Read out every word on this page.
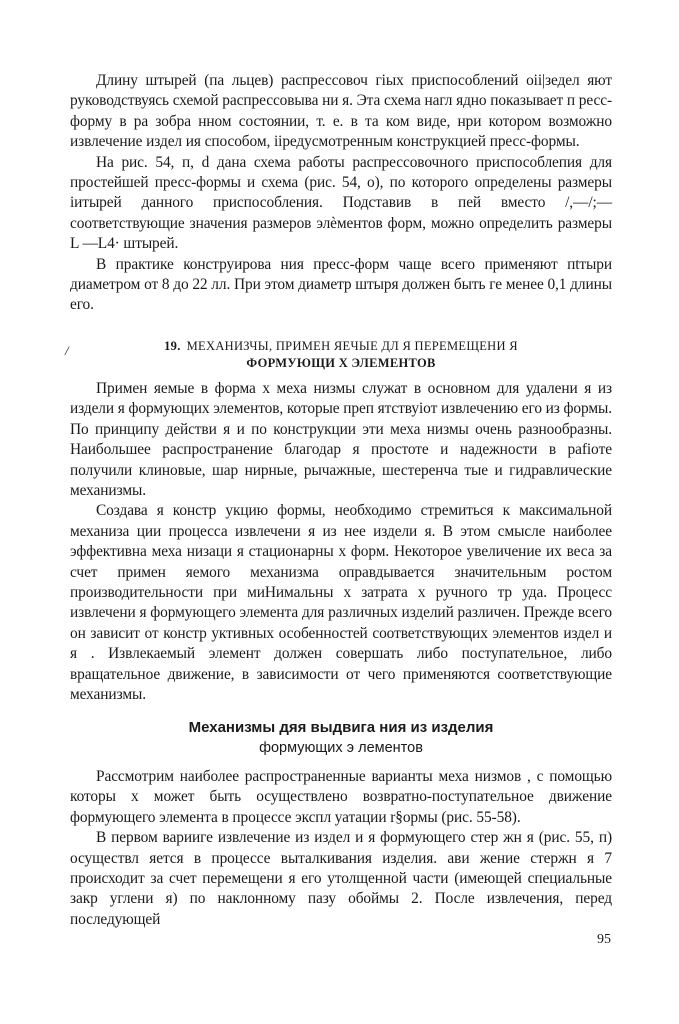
Длину штырей (па льцев) распрессовоч гiых приспособлений оii|зедел яют руководствуясь схемой распрессовыва ни я. Эта схема нагл ядно показывает п ресс-форму в ра зобра нном состоянии, т. е. в та ком виде, нри котором возможно извлечение издел ия способом, iiредусмотренным конструкцией пресс-формы.

На рис. 54, п, d дана схема работы распрессовочного приспособлепия для простейшей пресс-формы и схема (рис. 54, о), по которого определены размеры iитырей данного приспособления. Подставив в пей вместо /,—/;—соответствующие значения размеров элèментов форм, можно определить размеры L —L4· штырей.

В практике конструирова ния пресс-форм чаще всего применяют пtтыри диаметром от 8 до 22 лл. При этом диаметр штыря должен быть ге менее 0,1 длины его.

/	19. МЕХАНИЗЧЫ, ПРИМЕН ЯЕЧЫЕ ДЛ Я ПЕРЕМЕЩЕНИ Я
ФОРМУЮЩИ Х ЭЛЕМЕНТОВ

Примен яемые в форма х меха низмы служат в основном для удалени я из издели я формующих элементов, которые преп ятствуiот извлечению его из формы. По принципу действи я и по конструкции эти меха низмы очень разнообразны. Наибольшее распространение благодар я простоте и надежности в раfioте получили клиновые, шар нирные, рычажные, шестеренча тые и гидравлические механизмы.

Создава я констр укцию формы, необходимо стремиться к максимальной механиза ции процесса извлечени я из нее издели я. В этом смысле наиболее эффективна меха низаци я стационарны х форм. Некоторое увеличение их веса за счет примен яемого механизма оправдывается значительным ростом производительности при миНимальны х затрата х ручного тр уда. Процесс извлечени я формующего элемента для различных изделий различен. Прежде всего он зависит от констр уктивных особенностей соответствующих элементов издел и я . Извлекаемый элемент должен совершать либо поступательное, либо вращательное движение, в зависимости от чего применяются соответствующие механизмы.

Механизмы дяя выдвига ния из изделия
формующих э лементов

Рассмотрим наиболее распространенные варианты меха низмов , с помощью которы х может быть осуществлено возвратно-поступательное движение формующего элемента в процессе экспл уатации r§ормы (рис. 55-58).

В первом варииге извлечение из издел и я формующего стер жн я (рис. 55, п) осуществл яется в процессе выталкивания изделия. ави жение стержн я 7 происходит за счет перемещени я его утолщенной части (имеющей специальные закр углени я) по наклонному пазу обоймы 2. После извлечения, перед последующей

95
